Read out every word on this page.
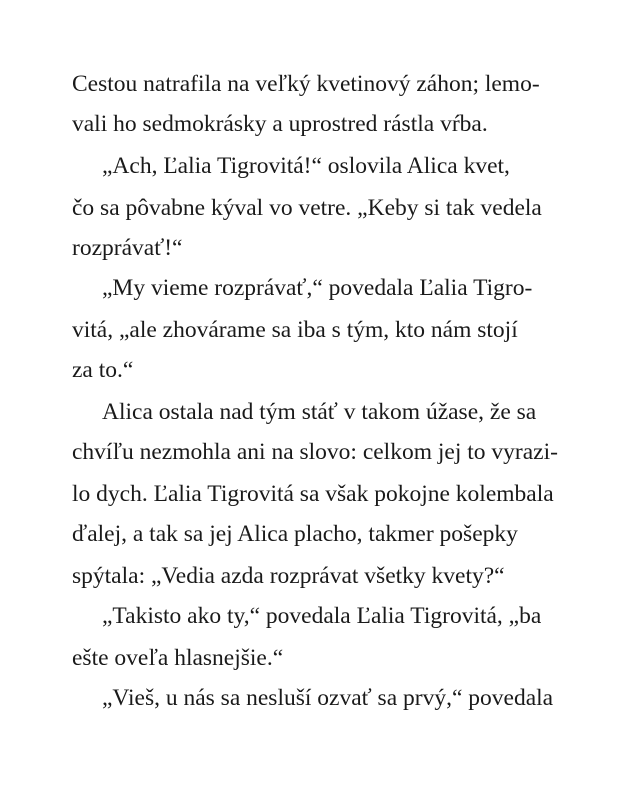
Cestou natrafila na veľký kvetinový záhon; lemo-
vali ho sedmokrásky a uprostred rástla vŕba.
„Ach, Ľalia Tigrovitá!“ oslovila Alica kvet,
čo sa pôvabne kýval vo vetre. „Keby si tak vedela
rozprávať!“
„My vieme rozprávať,“ povedala Ľalia Tigro-
vitá, „ale zhovárame sa iba s tým, kto nám stojí
za to.“
Alica ostala nad tým stáť v takom úžase, že sa
chvíľu nezmohla ani na slovo: celkom jej to vyrazi-
lo dych. Ľalia Tigrovitá sa však pokojne kolembala
ďalej, a tak sa jej Alica placho, takmer pošepky
spýtala: „Vedia azda rozprávat všetky kvety?“
„Takisto ako ty,“ povedala Ľalia Tigrovitá, „ba
ešte oveľa hlasnejšie.“
„Vieš, u nás sa nesluší ozvať sa prvý,“ povedala
